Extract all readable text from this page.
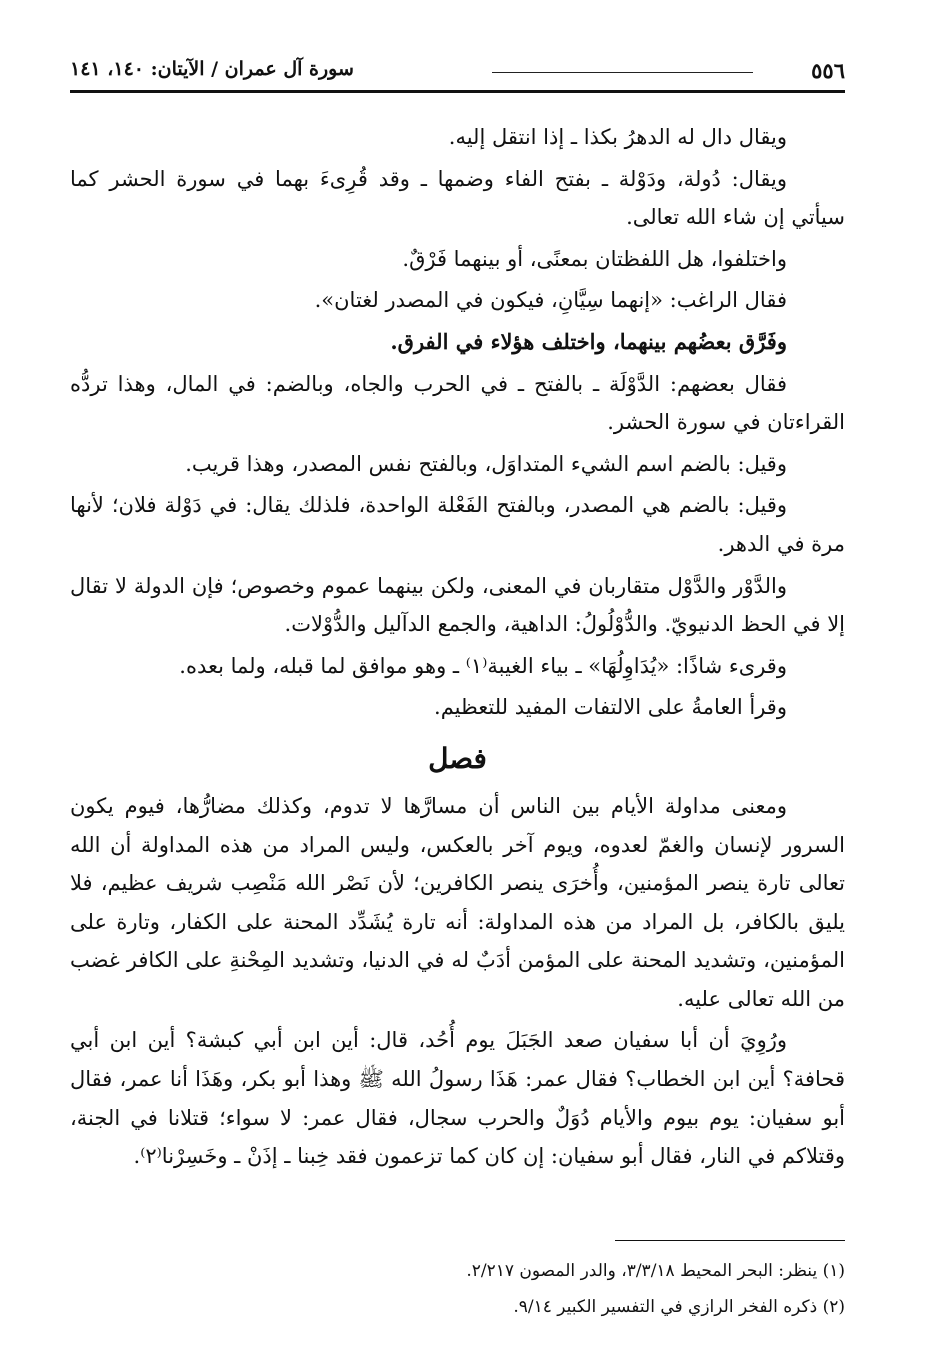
٥٥٦
سورة آل عمران / الآيتان: ١٤٠، ١٤١

ويقال دال له الدهرُ بكذا ـ إذا انتقل إليه.

ويقال: دُولة، ودَوْلة ـ بفتح الفاء وضمها ـ وقد قُرِىءَ بهما في سورة الحشر كما سيأتي إن شاء الله تعالى.

واختلفوا، هل اللفظتان بمعنًى، أو بينهما فَرْقٌ.

فقال الراغب: «إنهما سِيَّانِ، فيكون في المصدر لغتان».

وفَرَّق بعضُهم بينهما، واختلف هؤلاء في الفرق.

فقال بعضهم: الدَّوْلَة ـ بالفتح ـ في الحرب والجاه، وبالضم: في المال، وهذا تردُّه القراءتان في سورة الحشر.

وقيل: بالضم اسم الشيء المتداوَل، وبالفتح نفس المصدر، وهذا قريب.

وقيل: بالضم هي المصدر، وبالفتح الفَعْلة الواحدة، فلذلك يقال: في دَوْلة فلان؛ لأنها مرة في الدهر.

والدَّوْر والدَّوْل متقاربان في المعنى، ولكن بينهما عموم وخصوص؛ فإن الدولة لا تقال إلا في الحظ الدنيويّ. والدُّوْلُولُ: الداهية، والجمع الدآليل والدُّوْلات.

وقرىء شاذًا: «يُدَاوِلُهَا» ـ بياء الغيبة⁽١⁾ ـ وهو موافق لما قبله، ولما بعده.

وقرأ العامةُ على الالتفات المفيد للتعظيم.

فصل

ومعنى مداولة الأيام بين الناس أن مسارَّها لا تدوم، وكذلك مضارُّها، فيوم يكون السرور لإنسان والغمّ لعدوه، ويوم آخر بالعكس، وليس المراد من هذه المداولة أن الله تعالى تارة ينصر المؤمنين، وأُخرَى ينصر الكافرين؛ لأن نَصْر الله مَنْصِب شريف عظيم، فلا يليق بالكافر، بل المراد من هذه المداولة: أنه تارة يُشَدِّد المحنة على الكفار، وتارة على المؤمنين، وتشديد المحنة على المؤمن أدَبٌ له في الدنيا، وتشديد المِحْنةِ على الكافر غضب من الله تعالى عليه.

ورُوِيَ أن أبا سفيان صعد الجَبَلَ يوم أُحُد، قال: أين ابن أبي كبشة؟ أين ابن أبي قحافة؟ أين ابن الخطاب؟ فقال عمر: هَذَا رسولُ الله ﷺ وهذا أبو بكر، وهَذَا أنا عمر، فقال أبو سفيان: يوم بيوم والأيام دُوَلٌ والحرب سجال، فقال عمر: لا سواء؛ قتلانا في الجنة، وقتلاكم في النار، فقال أبو سفيان: إن كان كما تزعمون فقد خِبنا ـ إذَنْ ـ وخَسِرْنا⁽٢⁾.

(١) ينظر: البحر المحيط ٣/٣/١٨، والدر المصون ٢/٢١٧.

(٢) ذكره الفخر الرازي في التفسير الكبير ٩/١٤.
